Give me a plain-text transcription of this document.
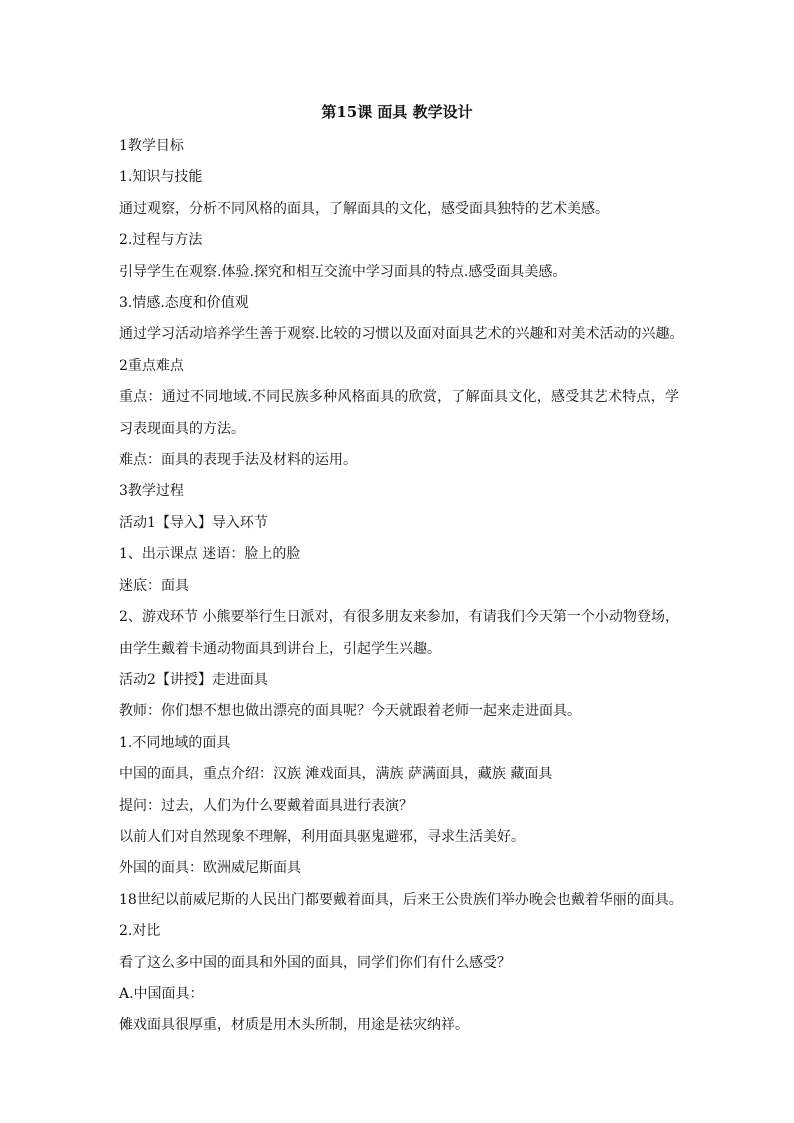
第15课 面具 教学设计

1教学目标

1.知识与技能

通过观察，分析不同风格的面具，了解面具的文化，感受面具独特的艺术美感。

2.过程与方法

引导学生在观察.体验.探究和相互交流中学习面具的特点.感受面具美感。

3.情感.态度和价值观

通过学习活动培养学生善于观察.比较的习惯以及面对面具艺术的兴趣和对美术活动的兴趣。

2重点难点

重点：通过不同地域.不同民族多种风格面具的欣赏，了解面具文化，感受其艺术特点，学习表现面具的方法。

难点：面具的表现手法及材料的运用。

3教学过程

活动1【导入】导入环节

1、出示课点 迷语：脸上的脸

迷底：面具

2、游戏环节 小熊要举行生日派对，有很多朋友来参加，有请我们今天第一个小动物登场，由学生戴着卡通动物面具到讲台上，引起学生兴趣。

活动2【讲授】走进面具

教师：你们想不想也做出漂亮的面具呢？今天就跟着老师一起来走进面具。

1.不同地域的面具

中国的面具，重点介绍：汉族 滩戏面具，满族 萨满面具，藏族 藏面具

提问：过去，人们为什么要戴着面具进行表演？

以前人们对自然现象不理解，利用面具驱鬼避邪，寻求生活美好。

外国的面具：欧洲威尼斯面具

18世纪以前威尼斯的人民出门都要戴着面具，后来王公贵族们举办晚会也戴着华丽的面具。

2.对比

看了这么多中国的面具和外国的面具，同学们你们有什么感受？

A.中国面具：

傩戏面具很厚重，材质是用木头所制，用途是祛灾纳祥。
